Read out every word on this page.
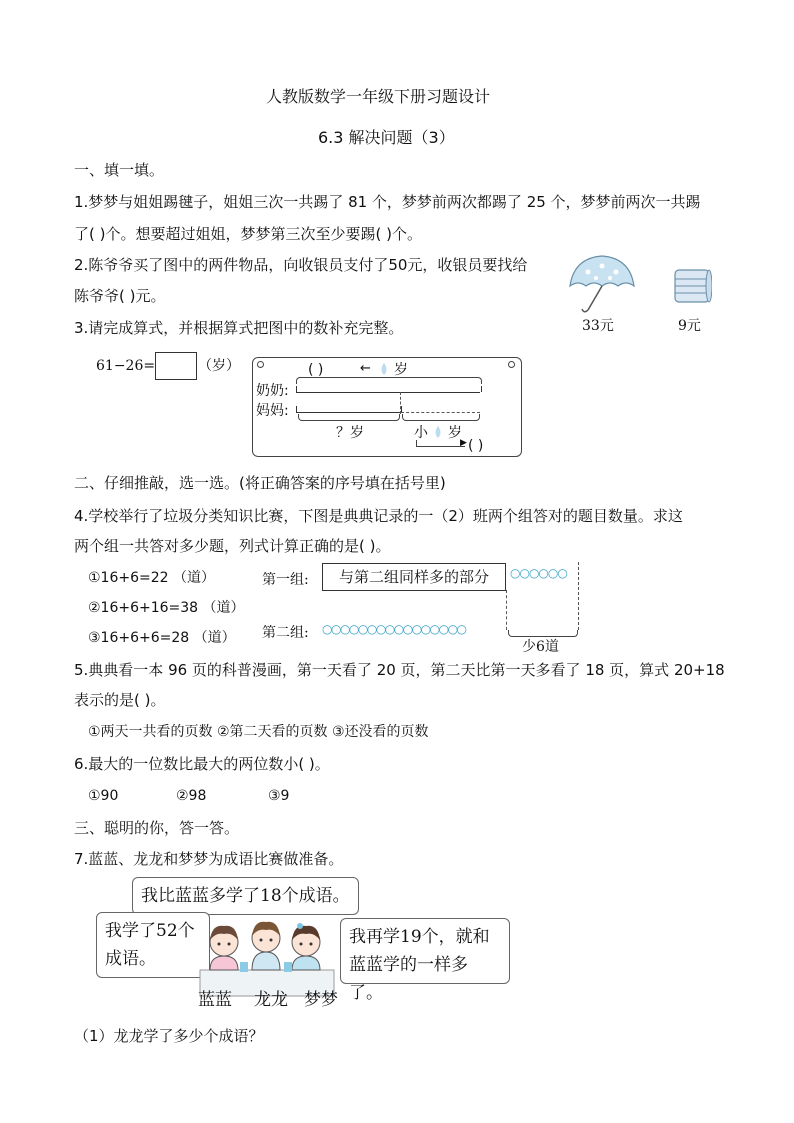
人教版数学一年级下册习题设计
6.3 解决问题（3）
一、填一填。
1.梦梦与姐姐踢毽子，姐姐三次一共踢了 81 个，梦梦前两次都踢了 25 个，梦梦前两次一共踢
了( )个。想要超过姐姐，梦梦第三次至少要踢( )个。
2.陈爷爷买了图中的两件物品，向收银员支付了50元，收银员要找给
陈爷爷( )元。
33元	9元
3.请完成算式，并根据算式把图中的数补充完整。
61−26=	（岁）	( )	← 岁
奶奶:
妈妈:
？岁	小 岁
▶ ( )
二、仔细推敲，选一选。(将正确答案的序号填在括号里)
4.学校举行了垃圾分类知识比赛，下图是典典记录的一（2）班两个组答对的题目数量。求这
两个组一共答对多少题，列式计算正确的是( )。
①16+6=22 （道）
②16+6+16=38 （道）
③16+6+6=28 （道）
第一组:	与第二组同样多的部分	○○○○○○
第二组: ○○○○○○○○○○○○○○○○
少6道
5.典典看一本 96 页的科普漫画，第一天看了 20 页，第二天比第一天多看了 18 页，算式 20+18
表示的是( )。
①两天一共看的页数 ②第二天看的页数 ③还没看的页数
6.最大的一位数比最大的两位数小( )。
①90	②98	③9
三、聪明的你，答一答。
7.蓝蓝、龙龙和梦梦为成语比赛做准备。
我比蓝蓝多学了18个成语。
我学了52个
成语。
我再学19个，就和
蓝蓝学的一样多了。
蓝蓝 龙龙 梦梦
（1）龙龙学了多少个成语？
